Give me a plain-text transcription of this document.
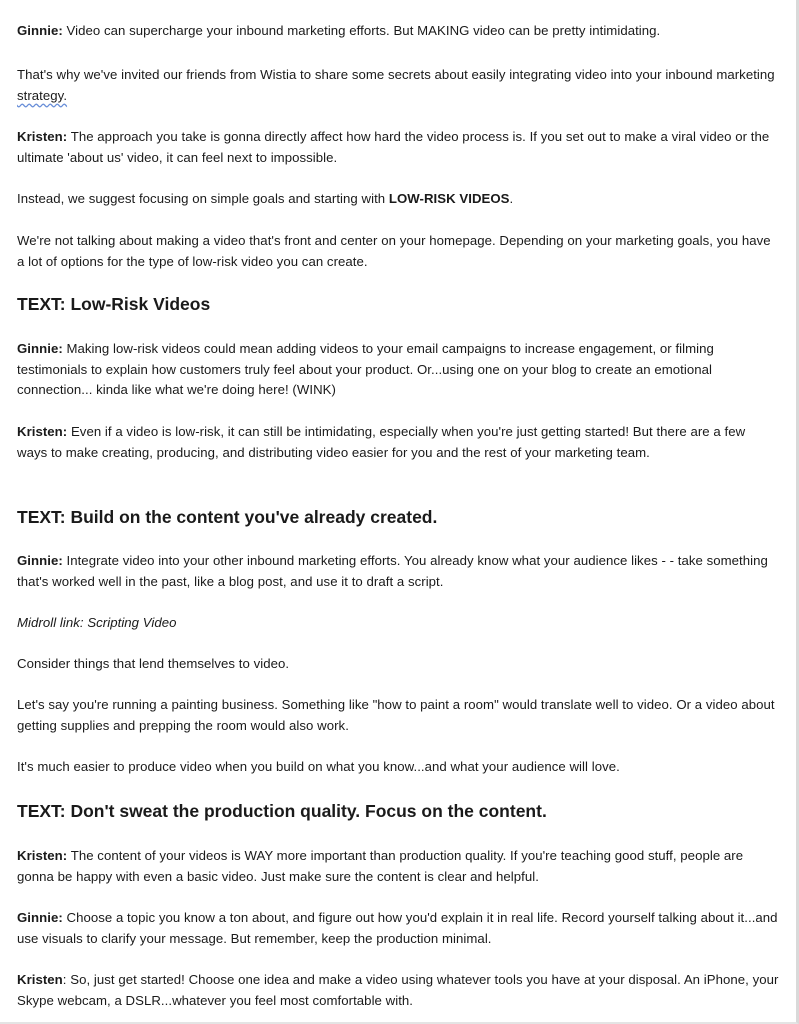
Ginnie: Video can supercharge your inbound marketing efforts. But MAKING video can be pretty intimidating.

That's why we've invited our friends from Wistia to share some secrets about easily integrating video into your inbound marketing strategy.

Kristen: The approach you take is gonna directly affect how hard the video process is. If you set out to make a viral video or the ultimate 'about us' video, it can feel next to impossible.

Instead, we suggest focusing on simple goals and starting with LOW-RISK VIDEOS.

We're not talking about making a video that's front and center on your homepage. Depending on your marketing goals, you have a lot of options for the type of low-risk video you can create.

TEXT: Low-Risk Videos

Ginnie: Making low-risk videos could mean adding videos to your email campaigns to increase engagement, or filming testimonials to explain how customers truly feel about your product. Or...using one on your blog to create an emotional connection... kinda like what we're doing here! (WINK)

Kristen: Even if a video is low-risk, it can still be intimidating, especially when you're just getting started! But there are a few ways to make creating, producing, and distributing video easier for you and the rest of your marketing team.

TEXT: Build on the content you've already created.

Ginnie: Integrate video into your other inbound marketing efforts. You already know what your audience likes - - take something that's worked well in the past, like a blog post, and use it to draft a script.

Midroll link: Scripting Video

Consider things that lend themselves to video.

Let's say you're running a painting business. Something like "how to paint a room" would translate well to video. Or a video about getting supplies and prepping the room would also work.

It's much easier to produce video when you build on what you know...and what your audience will love.

TEXT: Don't sweat the production quality. Focus on the content.

Kristen: The content of your videos is WAY more important than production quality. If you're teaching good stuff, people are gonna be happy with even a basic video. Just make sure the content is clear and helpful.

Ginnie: Choose a topic you know a ton about, and figure out how you'd explain it in real life. Record yourself talking about it...and use visuals to clarify your message. But remember, keep the production minimal.

Kristen: So, just get started! Choose one idea and make a video using whatever tools you have at your disposal. An iPhone, your Skype webcam, a DSLR...whatever you feel most comfortable with.
